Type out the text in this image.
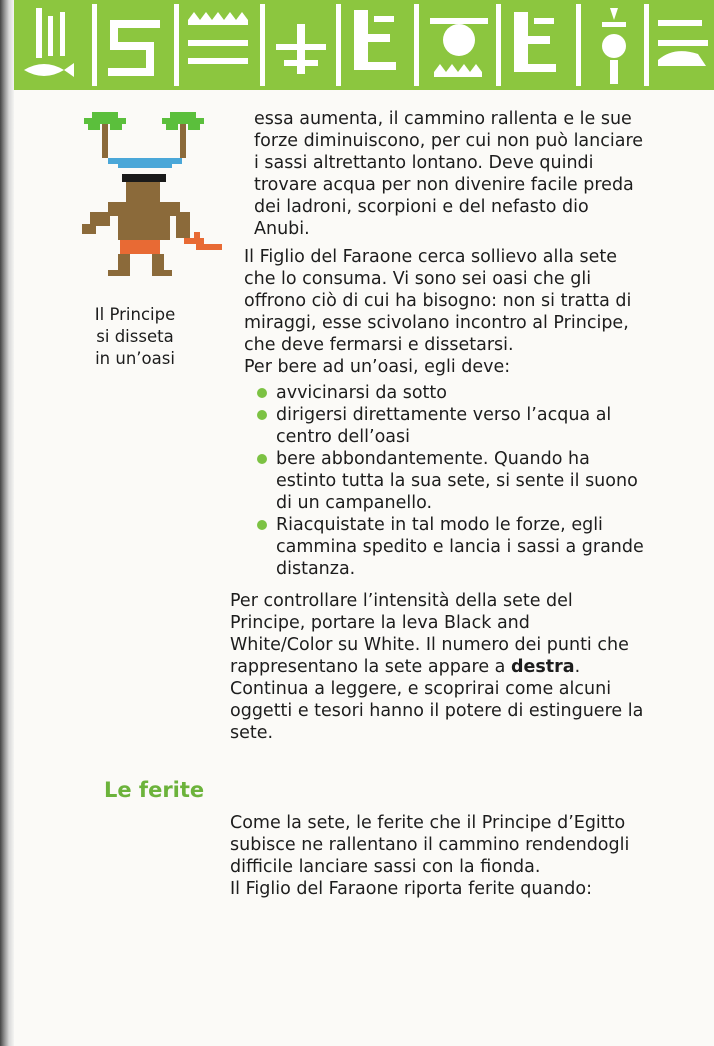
Il Principe
si disseta
in un’oasi

essa aumenta, il cammino rallenta e le sue

forze diminuiscono, per cui non può lanciare

i sassi altrettanto lontano. Deve quindi

trovare acqua per non divenire facile preda

dei ladroni, scorpioni e del nefasto dio

Anubi.

Il Figlio del Faraone cerca sollievo alla sete

che lo consuma. Vi sono sei oasi che gli

offrono ciò di cui ha bisogno: non si tratta di

miraggi, esse scivolano incontro al Principe,

che deve fermarsi e dissetarsi.

Per bere ad un’oasi, egli deve:

avvicinarsi da sotto

dirigersi direttamente verso l’acqua al

centro dell’oasi

bere abbondantemente. Quando ha

estinto tutta la sua sete, si sente il suono

di un campanello.

Riacquistate in tal modo le forze, egli

cammina spedito e lancia i sassi a grande

distanza.

Per controllare l’intensità della sete del

Principe, portare la leva Black and

White/Color su White. Il numero dei punti che

rappresentano la sete appare a destra.

Continua a leggere, e scoprirai come alcuni

oggetti e tesori hanno il potere di estinguere la

sete.

Le ferite

Come la sete, le ferite che il Principe d’Egitto

subisce ne rallentano il cammino rendendogli

difficile lanciare sassi con la fionda.

Il Figlio del Faraone riporta ferite quando:
